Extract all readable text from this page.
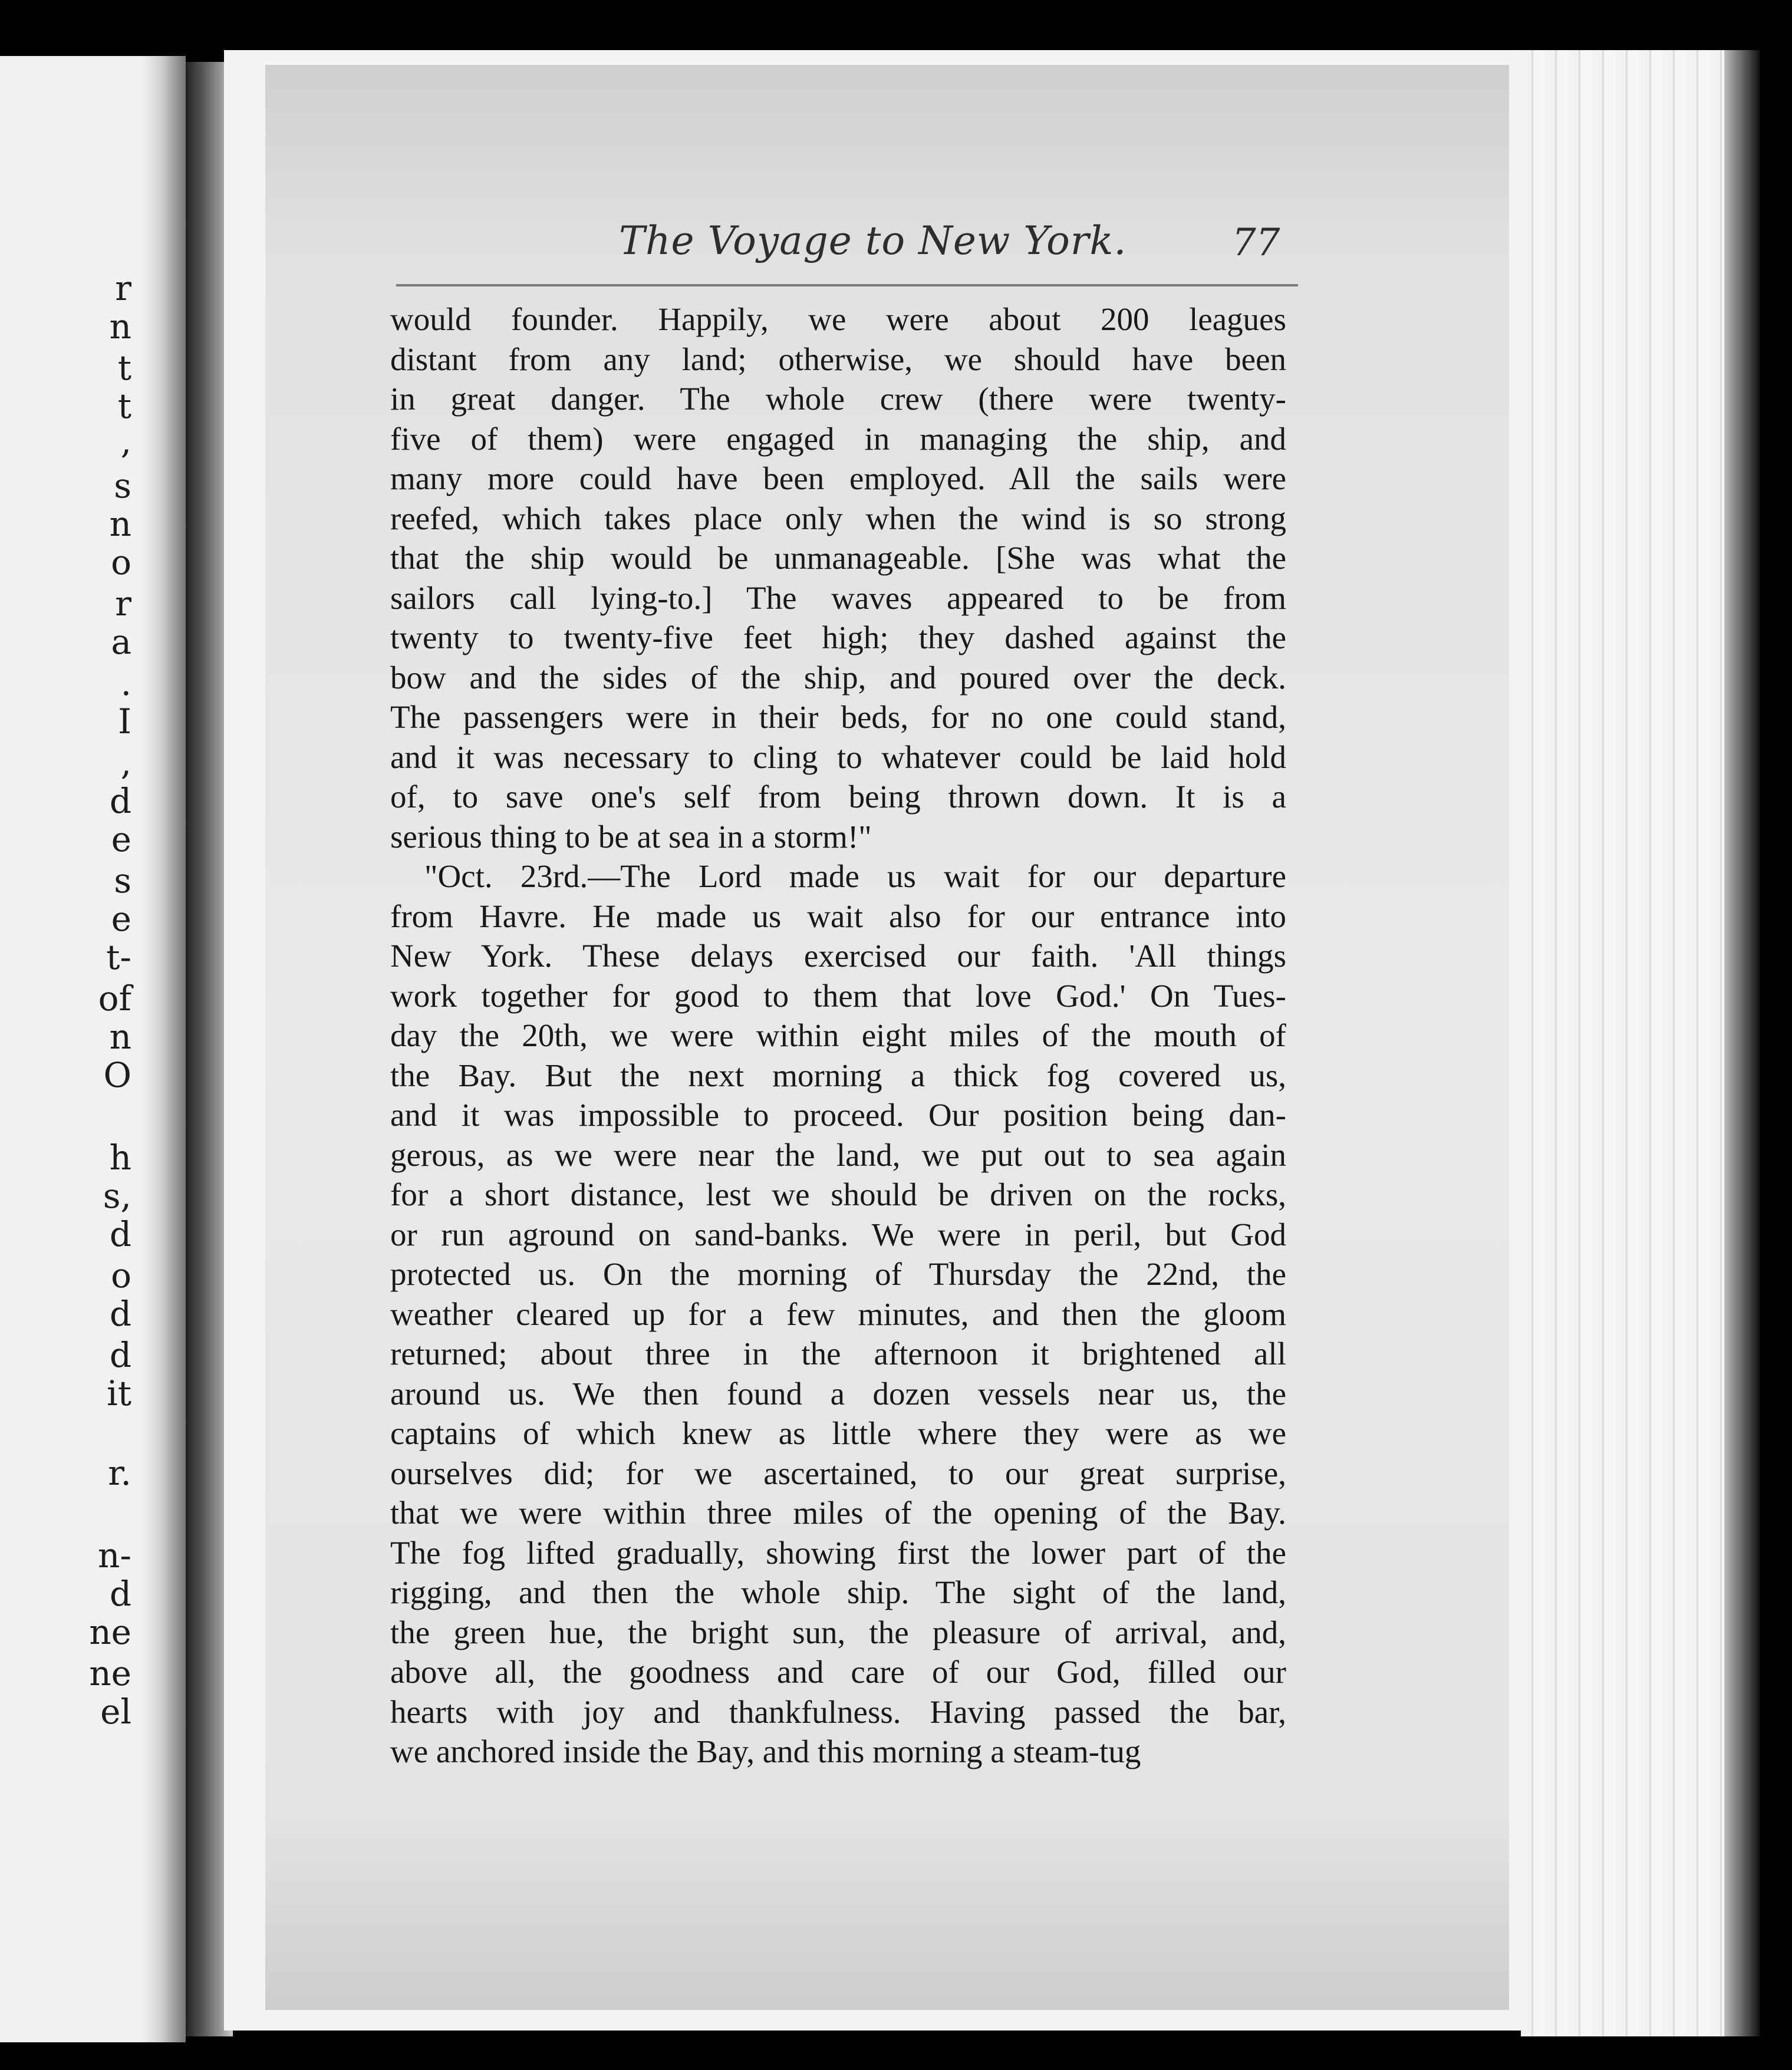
r
n
t
t
,
s
n
o
r
a
.
I
,
d
e
s
e
t-
of
n
O
h
s,
d
o
d
d
it
r.
n-
d
ne
ne
el
The Voyage to New York.	77
would founder. Happily, we were about 200 leagues
distant from any land; otherwise, we should have been
in great danger. The whole crew (there were twenty-
five of them) were engaged in managing the ship, and
many more could have been employed. All the sails were
reefed, which takes place only when the wind is so strong
that the ship would be unmanageable. [She was what the
sailors call lying-to.] The waves appeared to be from
twenty to twenty-five feet high; they dashed against the
bow and the sides of the ship, and poured over the deck.
The passengers were in their beds, for no one could stand,
and it was necessary to cling to whatever could be laid hold
of, to save one's self from being thrown down. It is a
serious thing to be at sea in a storm!"
"Oct. 23rd.—The Lord made us wait for our departure
from Havre. He made us wait also for our entrance into
New York. These delays exercised our faith. 'All things
work together for good to them that love God.' On Tues-
day the 20th, we were within eight miles of the mouth of
the Bay. But the next morning a thick fog covered us,
and it was impossible to proceed. Our position being dan-
gerous, as we were near the land, we put out to sea again
for a short distance, lest we should be driven on the rocks,
or run aground on sand-banks. We were in peril, but God
protected us. On the morning of Thursday the 22nd, the
weather cleared up for a few minutes, and then the gloom
returned; about three in the afternoon it brightened all
around us. We then found a dozen vessels near us, the
captains of which knew as little where they were as we
ourselves did; for we ascertained, to our great surprise,
that we were within three miles of the opening of the Bay.
The fog lifted gradually, showing first the lower part of the
rigging, and then the whole ship. The sight of the land,
the green hue, the bright sun, the pleasure of arrival, and,
above all, the goodness and care of our God, filled our
hearts with joy and thankfulness. Having passed the bar,
we anchored inside the Bay, and this morning a steam-tug
